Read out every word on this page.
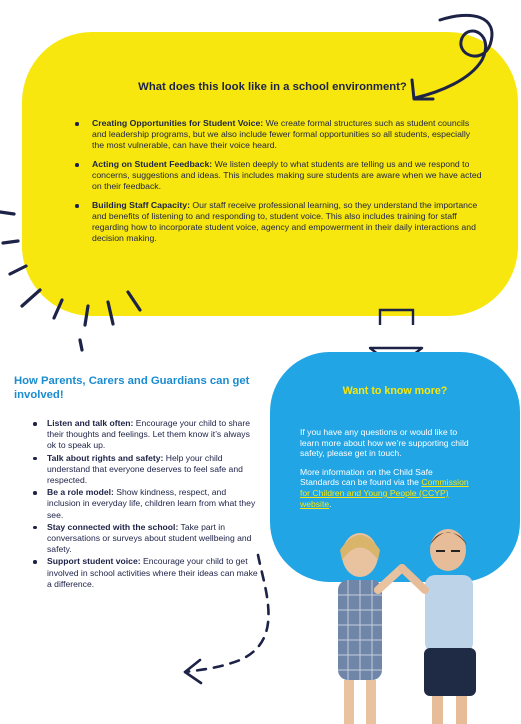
What does this look like in a school environment?
Creating Opportunities for Student Voice: We create formal structures such as student councils and leadership programs, but we also include fewer formal opportunities so all students, especially the most vulnerable, can have their voice heard.
Acting on Student Feedback: We listen deeply to what students are telling us and we respond to concerns, suggestions and ideas. This includes making sure students are aware when we have acted on their feedback.
Building Staff Capacity: Our staff receive professional learning, so they understand the importance and benefits of listening to and responding to, student voice. This also includes training for staff regarding how to incorporate student voice, agency and empowerment in their daily interactions and decision making.
Want to know more?

If you have any questions or would like to learn more about how we’re supporting child safety, please get in touch.

More information on the Child Safe Standards can be found via the Commission for Children and Young People (CCYP) website.

How Parents, Carers and Guardians can get involved!
Listen and talk often: Encourage your child to share their thoughts and feelings. Let them know it’s always ok to speak up.
Talk about rights and safety: Help your child understand that everyone deserves to feel safe and respected.
Be a role model: Show kindness, respect, and inclusion in everyday life, children learn from what they see.
Stay connected with the school: Take part in conversations or surveys about student wellbeing and safety.
Support student voice: Encourage your child to get involved in school activities where their ideas can make a difference.
